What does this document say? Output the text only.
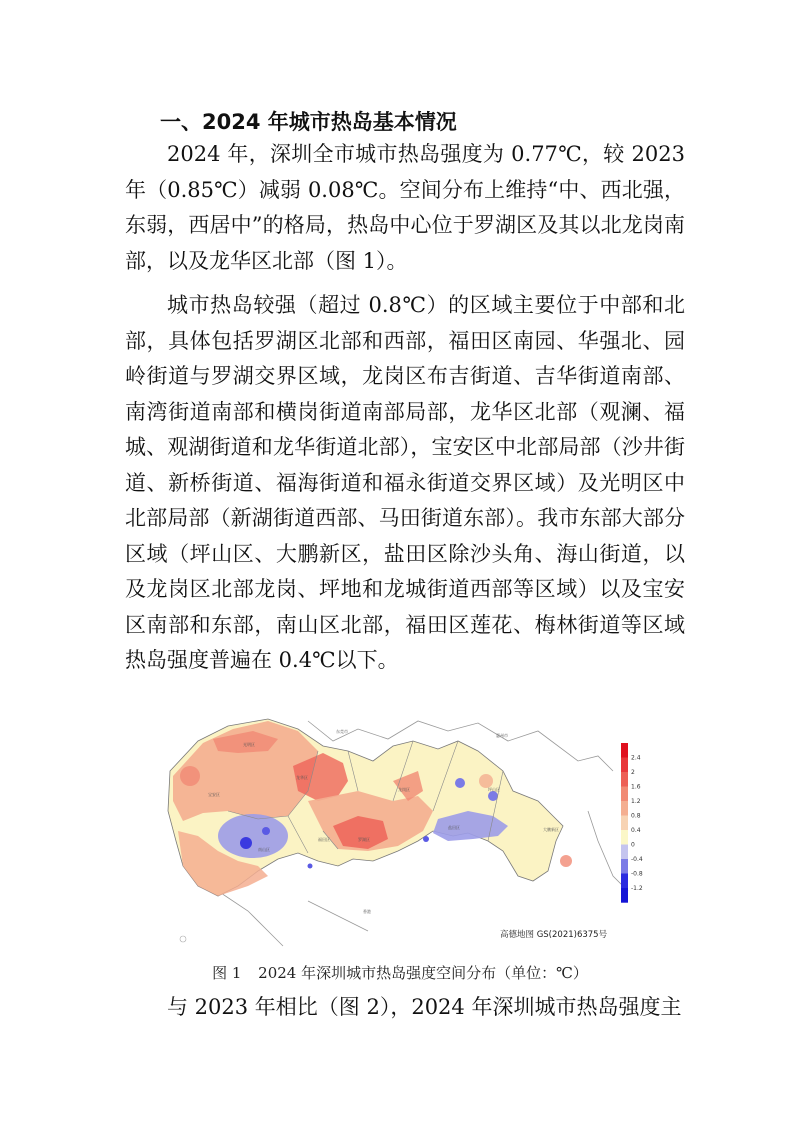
一、2024 年城市热岛基本情况
2024 年，深圳全市城市热岛强度为 0.77℃，较 2023 年（0.85℃）减弱 0.08℃。空间分布上维持“中、西北强，东弱，西居中”的格局，热岛中心位于罗湖区及其以北龙岗南部，以及龙华区北部（图 1）。
城市热岛较强（超过 0.8℃）的区域主要位于中部和北部，具体包括罗湖区北部和西部，福田区南园、华强北、园岭街道与罗湖交界区域，龙岗区布吉街道、吉华街道南部、南湾街道南部和横岗街道南部局部，龙华区北部（观澜、福城、观湖街道和龙华街道北部），宝安区中北部局部（沙井街道、新桥街道、福海街道和福永街道交界区域）及光明区中北部局部（新湖街道西部、马田街道东部）。我市东部大部分区域（坪山区、大鹏新区，盐田区除沙头角、海山街道，以及龙岗区北部龙岗、坪地和龙城街道西部等区域）以及宝安区南部和东部，南山区北部，福田区莲花、梅林街道等区域热岛强度普遍在 0.4℃以下。
东莞市
惠州市
龙华区
光明区
宝安区
南山区
福田区	罗湖区
龙岗区	坪山区
盐田区	大鹏新区
香港
2.4
2
1.6
1.2
0.8
0.4
0
-0.4
-0.8
-1.2
高德地图 GS(2021)6375号
图 1 2024 年深圳城市热岛强度空间分布（单位：℃）
与 2023 年相比（图 2），2024 年深圳城市热岛强度主
